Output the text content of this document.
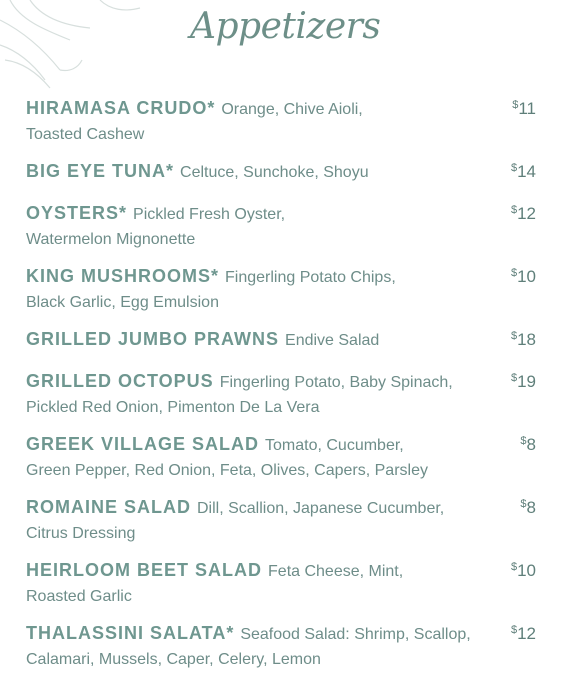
Appetizers
HIRAMASA CRUDO* Orange, Chive Aioli,
Toasted Cashew
$11
BIG EYE TUNA* Celtuce, Sunchoke, Shoyu	$14
OYSTERS* Pickled Fresh Oyster,
Watermelon Mignonette
$12
KING MUSHROOMS* Fingerling Potato Chips,
Black Garlic, Egg Emulsion
$10
GRILLED JUMBO PRAWNS Endive Salad	$18
GRILLED OCTOPUS Fingerling Potato, Baby Spinach,
Pickled Red Onion, Pimenton De La Vera
$19
GREEK VILLAGE SALAD Tomato, Cucumber,
Green Pepper, Red Onion, Feta, Olives, Capers, Parsley
$8
ROMAINE SALAD Dill, Scallion, Japanese Cucumber,
Citrus Dressing
$8
HEIRLOOM BEET SALAD Feta Cheese, Mint,
Roasted Garlic
$10
THALASSINI SALATA* Seafood Salad: Shrimp, Scallop,
Calamari, Mussels, Caper, Celery, Lemon
$12
